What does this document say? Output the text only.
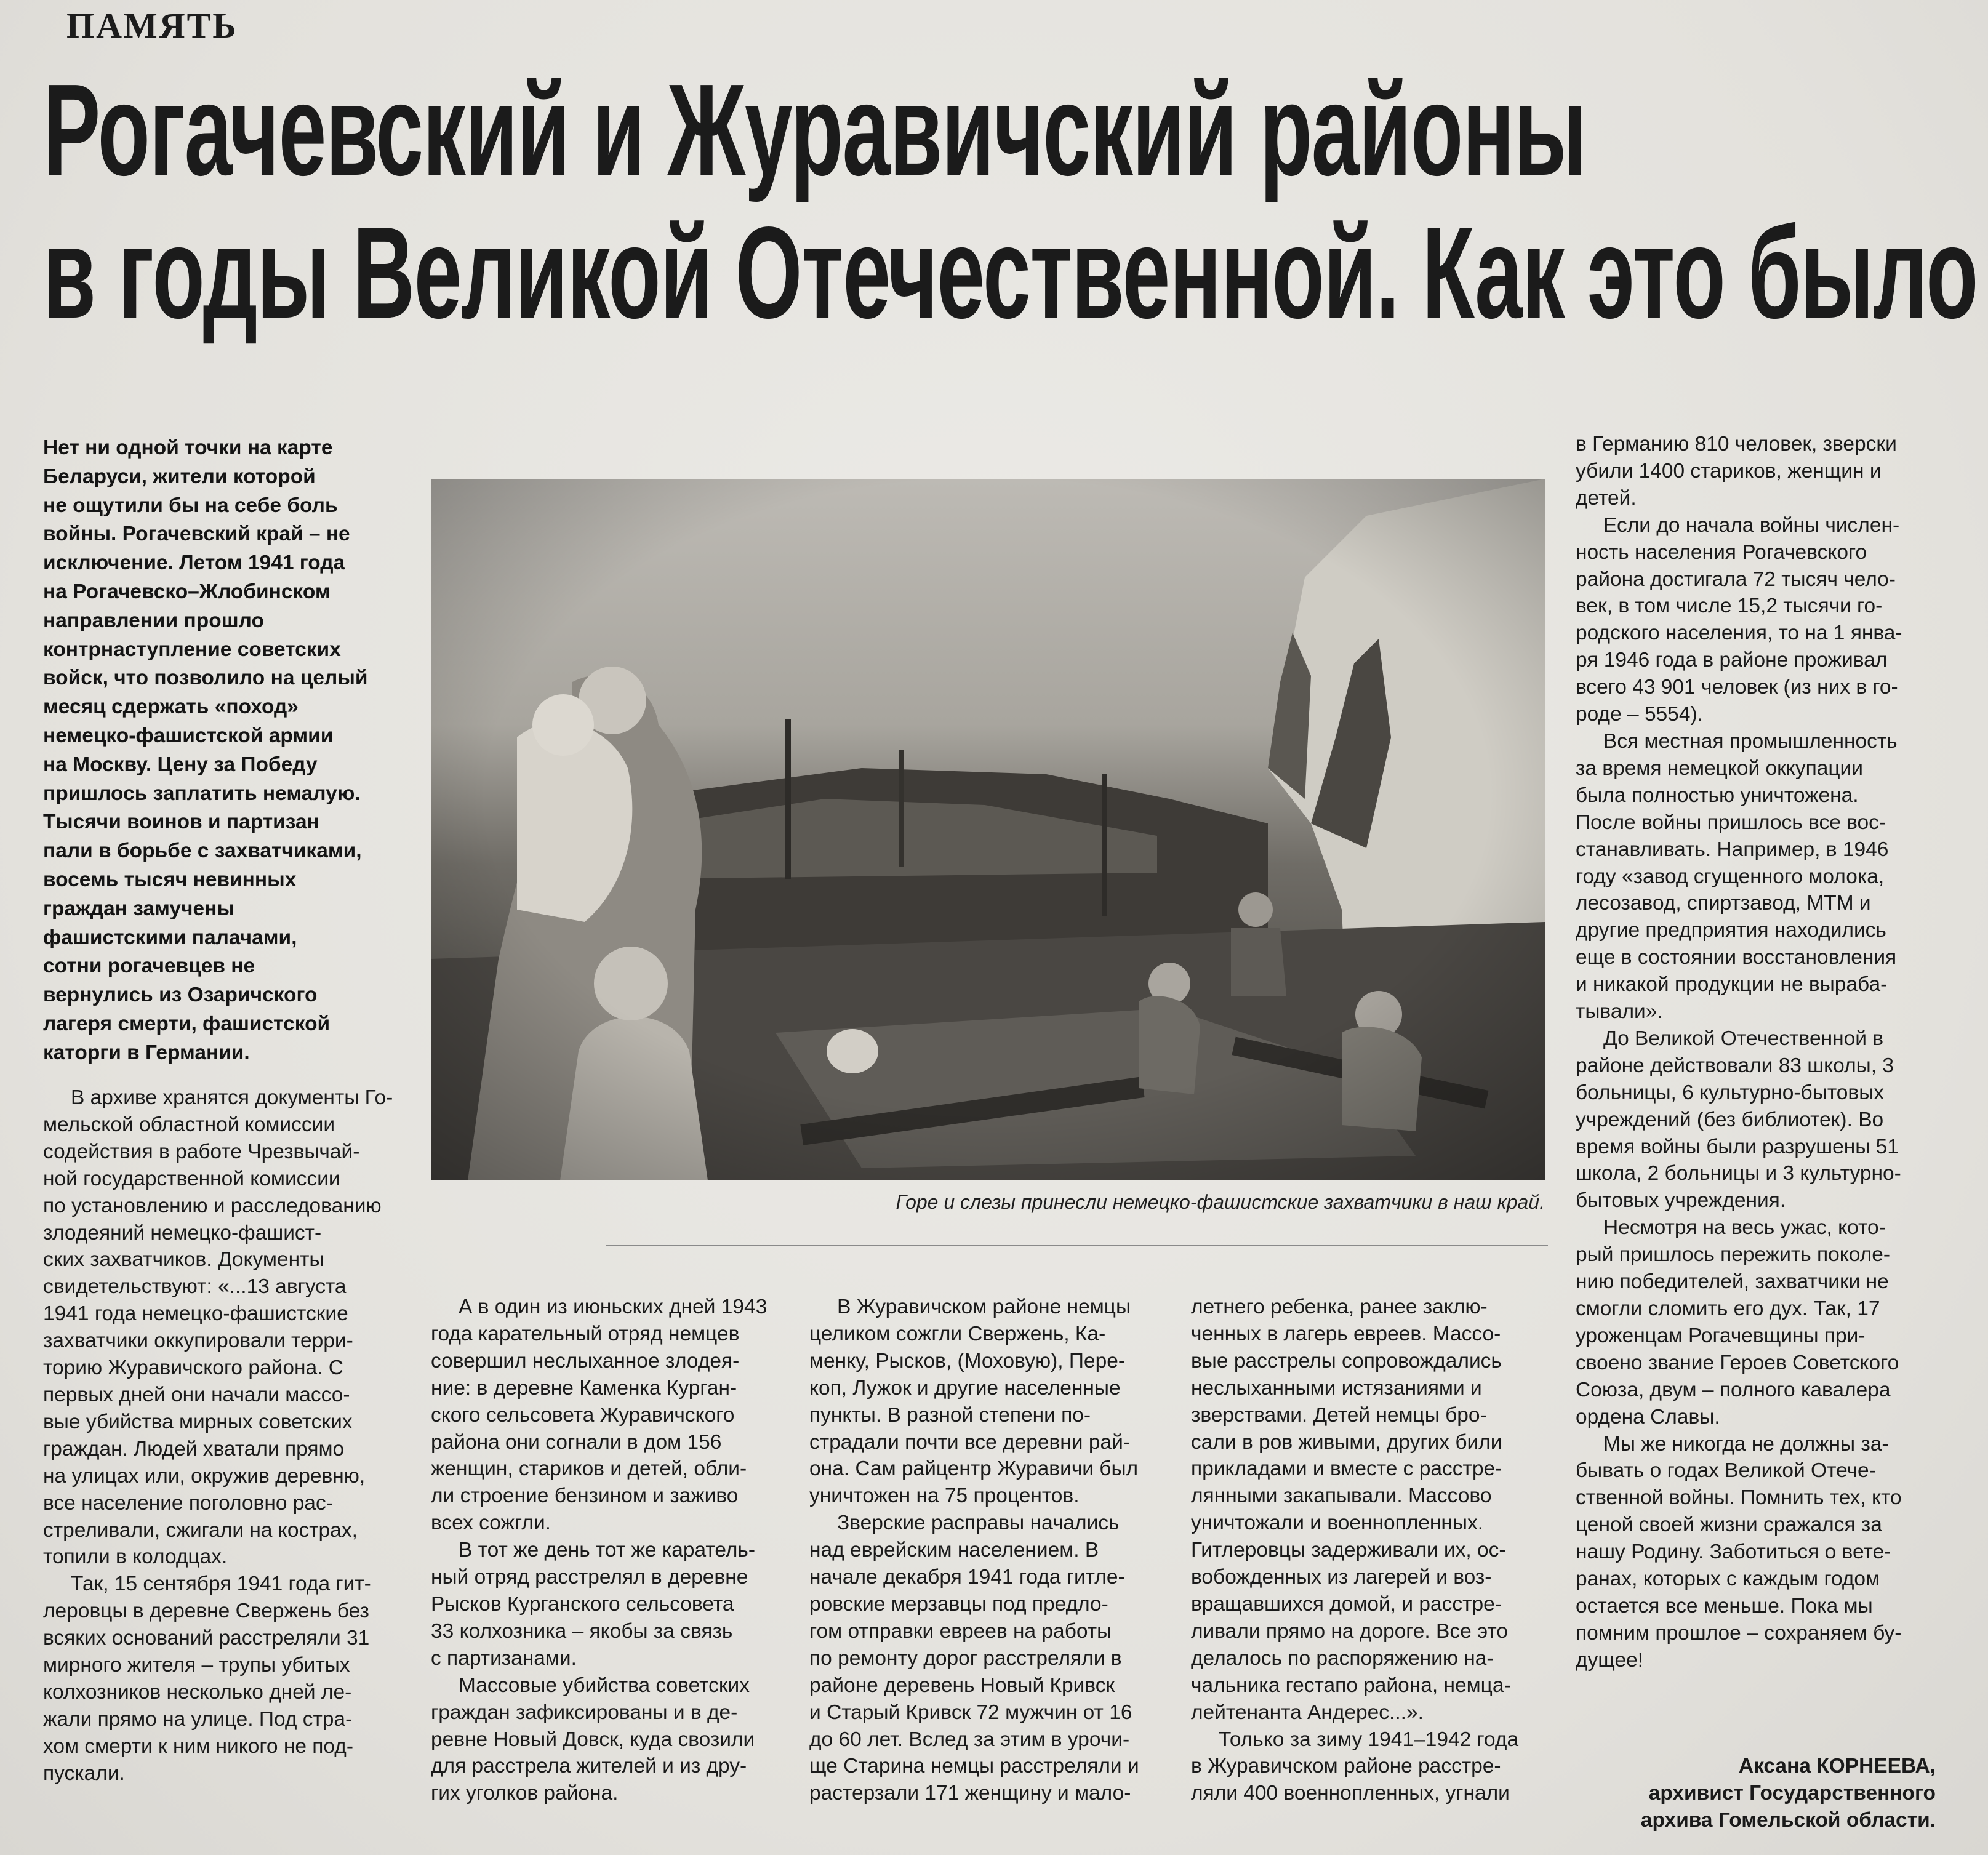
ПАМЯТЬ
Рогачевский и Журавичский районы
в годы Великой Отечественной. Как это было
Нет ни одной точки на карте
Беларуси, жители которой
не ощутили бы на себе боль
войны. Рогачевский край – не
исключение. Летом 1941 года
на Рогачевско–Жлобинском
направлении прошло
контрнаступление советских
войск, что позволило на целый
месяц сдержать «поход»
немецко-фашистской армии
на Москву. Цену за Победу
пришлось заплатить немалую.
Тысячи воинов и партизан
пали в борьбе с захватчиками,
восемь тысяч невинных
граждан замучены
фашистскими палачами,
сотни рогачевцев не
вернулись из Озаричского
лагеря смерти, фашистской
каторги в Германии.
Горе и слезы принесли немецко-фашистские захватчики в наш край.

В архиве хранятся документы Го-
мельской областной комиссии
содействия в работе Чрезвычай-
ной государственной комиссии
по установлению и расследованию
злодеяний немецко-фашист-
ских захватчиков. Документы
свидетельствуют: «...13 августа
1941 года немецко-фашистские
захватчики оккупировали терри-
торию Журавичского района. С
первых дней они начали массо-
вые убийства мирных советских
граждан. Людей хватали прямо
на улицах или, окружив деревню,
все население поголовно рас-
стреливали, сжигали на кострах,
топили в колодцах.

Так, 15 сентября 1941 года гит-
леровцы в деревне Свержень без
всяких оснований расстреляли 31
мирного жителя – трупы убитых
колхозников несколько дней ле-
жали прямо на улице. Под стра-
хом смерти к ним никого не под-
пускали.

А в один из июньских дней 1943
года карательный отряд немцев
совершил неслыханное злодея-
ние: в деревне Каменка Курган-
ского сельсовета Журавичского
района они согнали в дом 156
женщин, стариков и детей, обли-
ли строение бензином и заживо
всех сожгли.

В тот же день тот же каратель-
ный отряд расстрелял в деревне
Рысков Курганского сельсовета
33 колхозника – якобы за связь
с партизанами.

Массовые убийства советских
граждан зафиксированы и в де-
ревне Новый Довск, куда свозили
для расстрела жителей и из дру-
гих уголков района.

В Журавичском районе немцы
целиком сожгли Свержень, Ка-
менку, Рысков, (Моховую), Пере-
коп, Лужок и другие населенные
пункты. В разной степени по-
страдали почти все деревни рай-
она. Сам райцентр Журавичи был
уничтожен на 75 процентов.

Зверские расправы начались
над еврейским населением. В
начале декабря 1941 года гитле-
ровские мерзавцы под предло-
гом отправки евреев на работы
по ремонту дорог расстреляли в
районе деревень Новый Кривск
и Старый Кривск 72 мужчин от 16
до 60 лет. Вслед за этим в урочи-
ще Старина немцы расстреляли и
растерзали 171 женщину и мало-

летнего ребенка, ранее заклю-
ченных в лагерь евреев. Массо-
вые расстрелы сопровождались
неслыханными истязаниями и
зверствами. Детей немцы бро-
сали в ров живыми, других били
прикладами и вместе с расстре-
лянными закапывали. Массово
уничтожали и военнопленных.
Гитлеровцы задерживали их, ос-
вобожденных из лагерей и воз-
вращавшихся домой, и расстре-
ливали прямо на дороге. Все это
делалось по распоряжению на-
чальника гестапо района, немца-
лейтенанта Андерес...».

Только за зиму 1941–1942 года
в Журавичском районе расстре-
ляли 400 военнопленных, угнали

в Германию 810 человек, зверски
убили 1400 стариков, женщин и
детей.

Если до начала войны числен-
ность населения Рогачевского
района достигала 72 тысяч чело-
век, в том числе 15,2 тысячи го-
родского населения, то на 1 янва-
ря 1946 года в районе проживал
всего 43 901 человек (из них в го-
роде – 5554).

Вся местная промышленность
за время немецкой оккупации
была полностью уничтожена.
После войны пришлось все вос-
станавливать. Например, в 1946
году «завод сгущенного молока,
лесозавод, спиртзавод, МТМ и
другие предприятия находились
еще в состоянии восстановления
и никакой продукции не выраба-
тывали».

До Великой Отечественной в
районе действовали 83 школы, 3
больницы, 6 культурно-бытовых
учреждений (без библиотек). Во
время войны были разрушены 51
школа, 2 больницы и 3 культурно-
бытовых учреждения.

Несмотря на весь ужас, кото-
рый пришлось пережить поколе-
нию победителей, захватчики не
смогли сломить его дух. Так, 17
уроженцам Рогачевщины при-
своено звание Героев Советского
Союза, двум – полного кавалера
ордена Славы.

Мы же никогда не должны за-
бывать о годах Великой Отече-
ственной войны. Помнить тех, кто
ценой своей жизни сражался за
нашу Родину. Заботиться о вете-
ранах, которых с каждым годом
остается все меньше. Пока мы
помним прошлое – сохраняем бу-
дущее!

Аксана КОРНЕЕВА,
архивист Государственного
архива Гомельской области.
